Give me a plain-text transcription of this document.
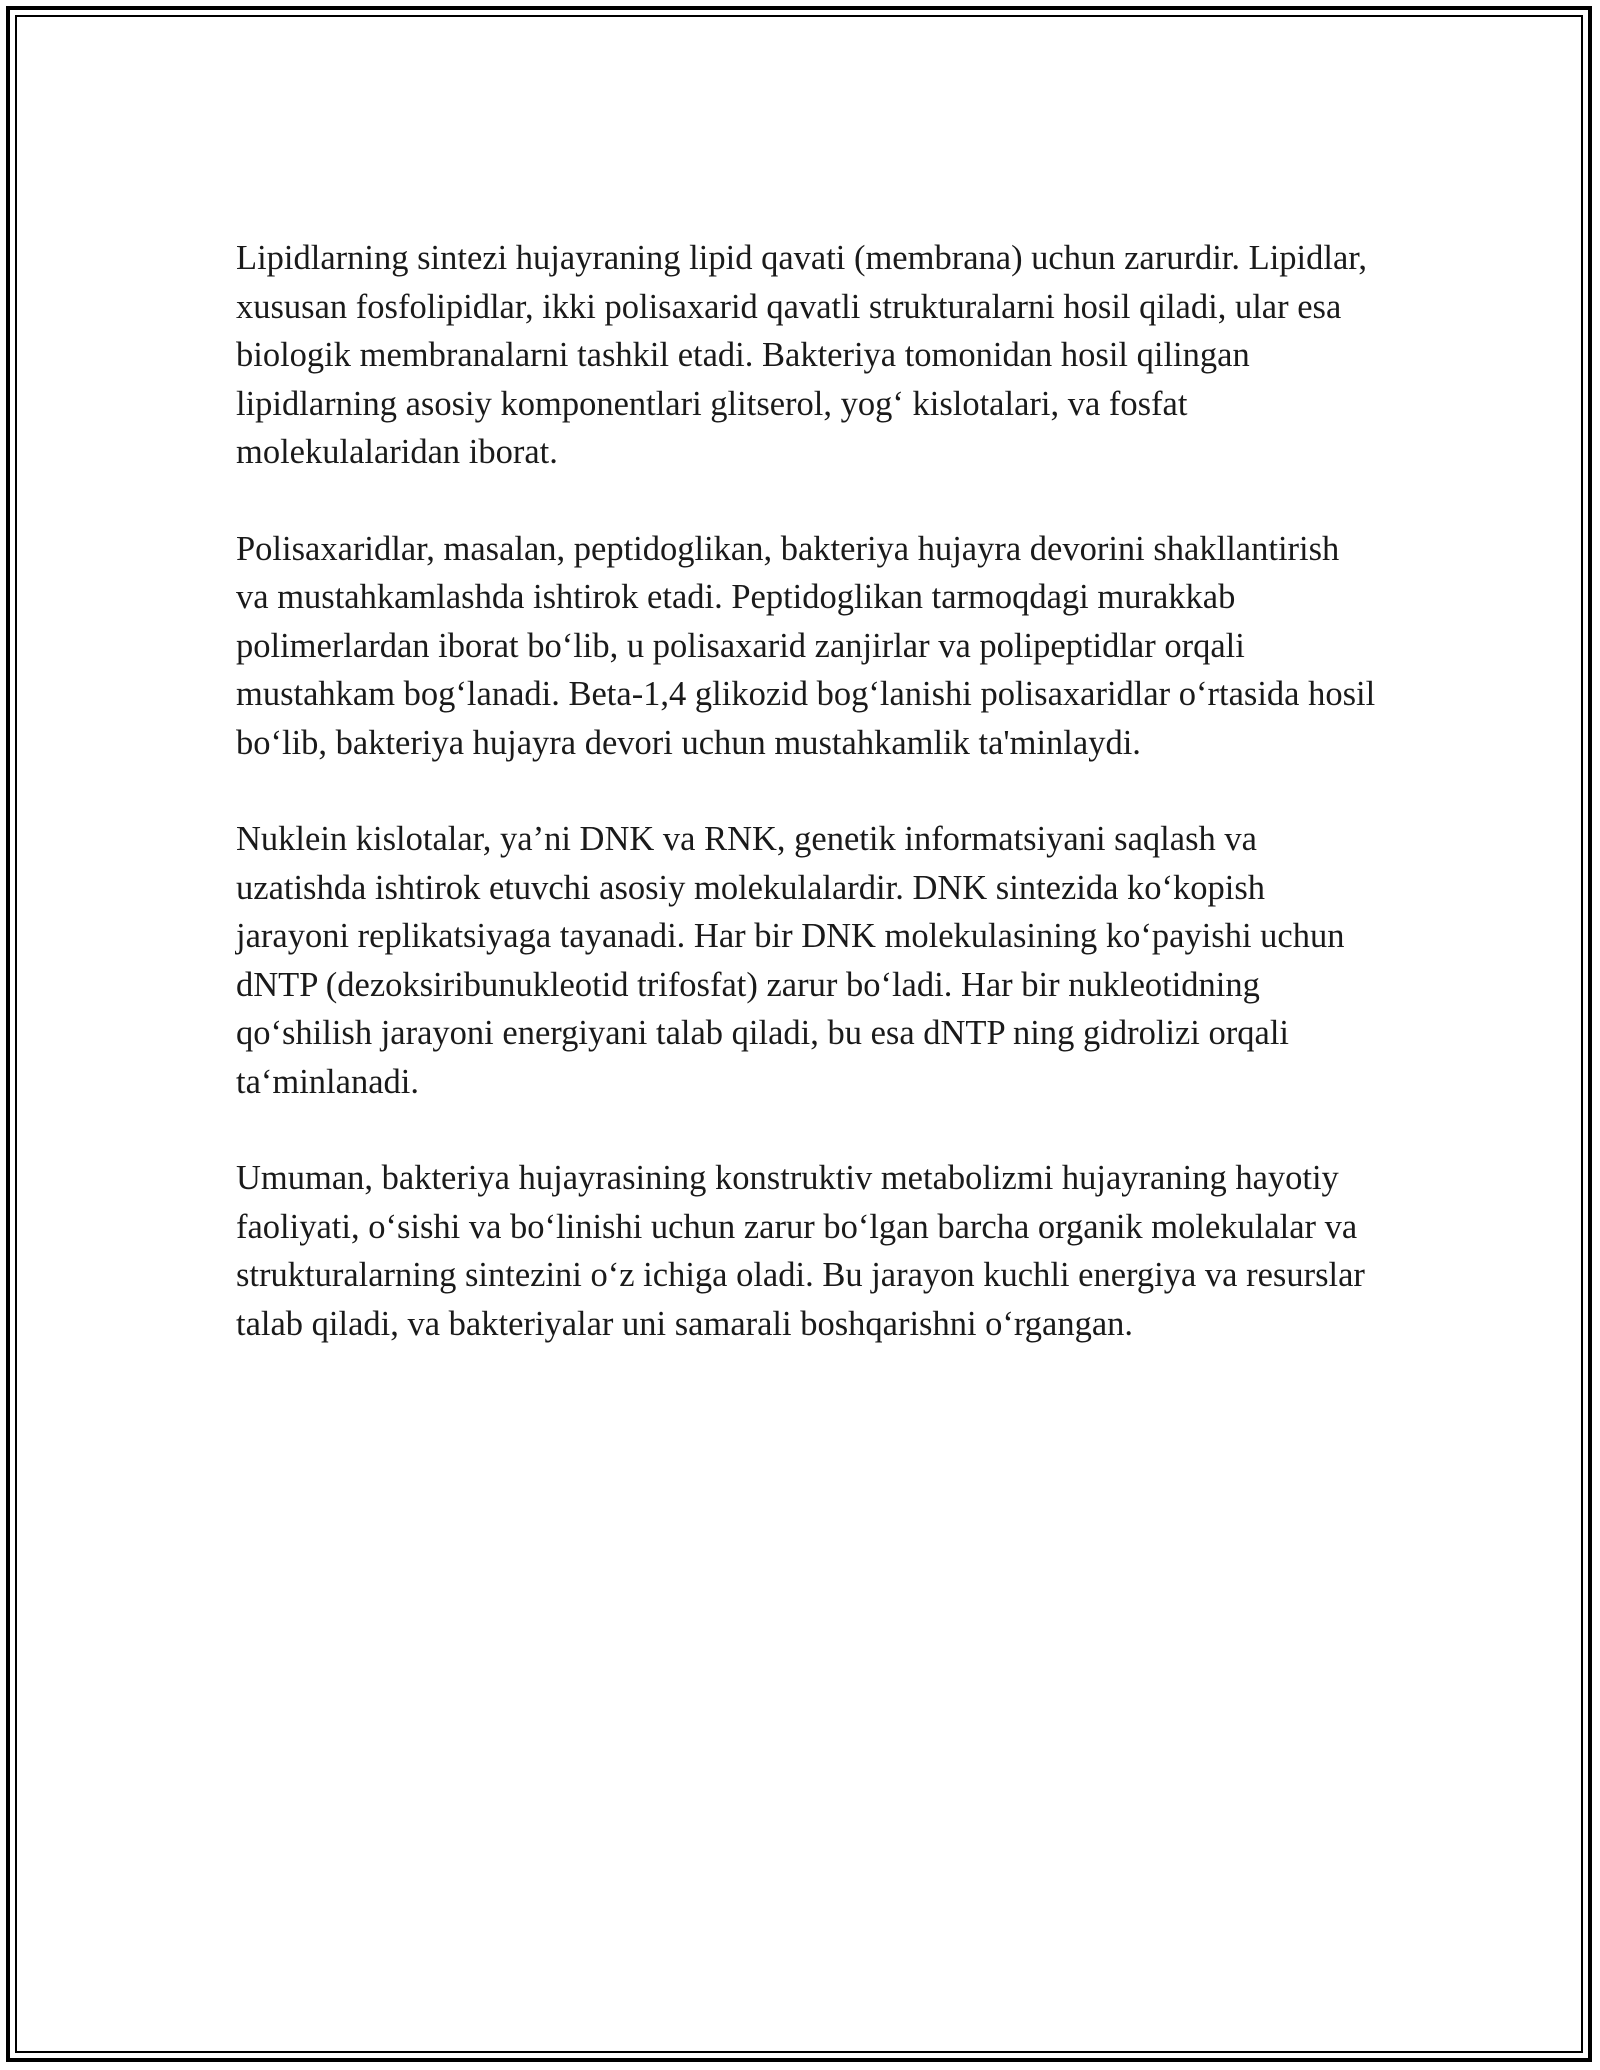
Lipidlarning sintezi hujayraning lipid qavati (membrana) uchun zarurdir. Lipidlar, xususan fosfolipidlar, ikki polisaxarid qavatli strukturalarni hosil qiladi, ular esa biologik membranalarni tashkil etadi. Bakteriya tomonidan hosil qilingan lipidlarning asosiy komponentlari glitserol, yog‘ kislotalari, va fosfat molekulalaridan iborat.

Polisaxaridlar, masalan, peptidoglikan, bakteriya hujayra devorini shakllantirish va mustahkamlashda ishtirok etadi. Peptidoglikan tarmoqdagi murakkab polimerlardan iborat bo‘lib, u polisaxarid zanjirlar va polipeptidlar orqali mustahkam bog‘lanadi. Beta-1,4 glikozid bog‘lanishi polisaxaridlar o‘rtasida hosil bo‘lib, bakteriya hujayra devori uchun mustahkamlik ta'minlaydi.

Nuklein kislotalar, ya’ni DNK va RNK, genetik informatsiyani saqlash va uzatishda ishtirok etuvchi asosiy molekulalardir. DNK sintezida ko‘kopish jarayoni replikatsiyaga tayanadi. Har bir DNK molekulasining ko‘payishi uchun dNTP (dezoksiribunukleotid trifosfat) zarur bo‘ladi. Har bir nukleotidning qo‘shilish jarayoni energiyani talab qiladi, bu esa dNTP ning gidrolizi orqali ta‘minlanadi.

Umuman, bakteriya hujayrasining konstruktiv metabolizmi hujayraning hayotiy faoliyati, o‘sishi va bo‘linishi uchun zarur bo‘lgan barcha organik molekulalar va strukturalarning sintezini o‘z ichiga oladi. Bu jarayon kuchli energiya va resurslar talab qiladi, va bakteriyalar uni samarali boshqarishni o‘rgangan.
